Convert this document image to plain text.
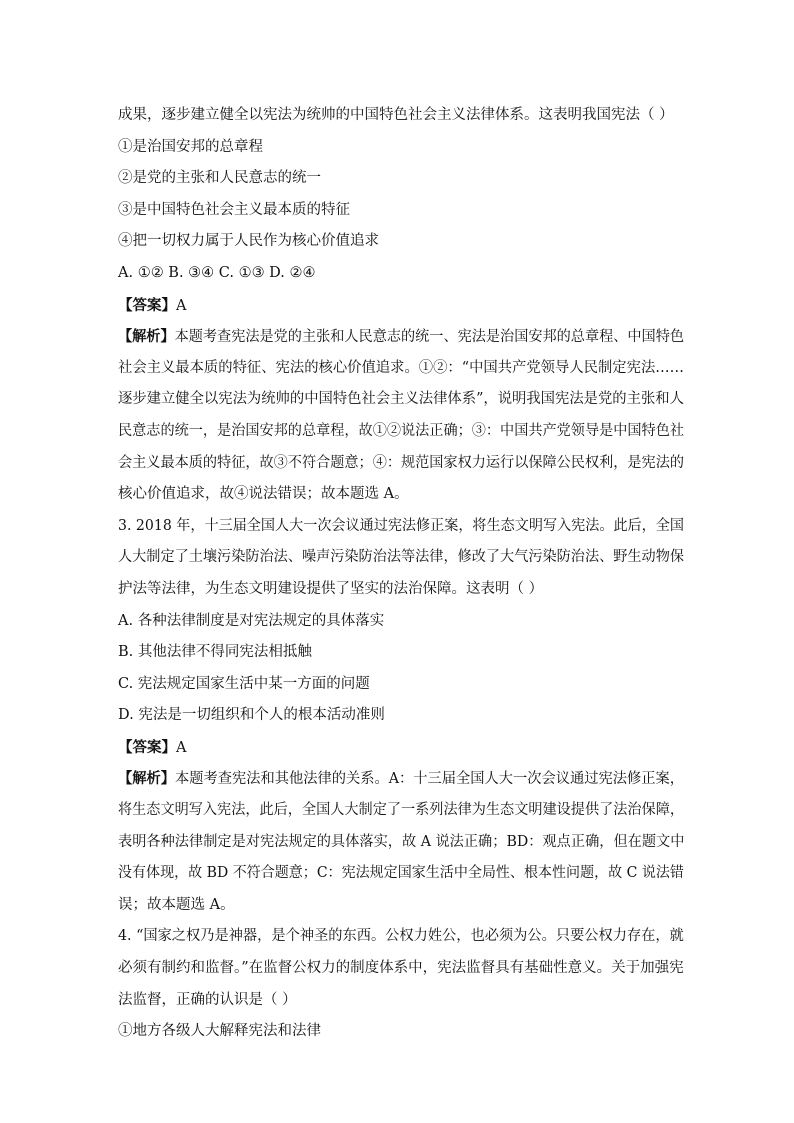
成果，逐步建立健全以宪法为统帅的中国特色社会主义法律体系。这表明我国宪法（ ）
①是治国安邦的总章程
②是党的主张和人民意志的统一
③是中国特色社会主义最本质的特征
④把一切权力属于人民作为核心价值追求
A. ①② B. ③④ C. ①③ D. ②④
【答案】A
【解析】本题考查宪法是党的主张和人民意志的统一、宪法是治国安邦的总章程、中国特色
社会主义最本质的特征、宪法的核心价值追求。①②：“中国共产党领导人民制定宪法……
逐步建立健全以宪法为统帅的中国特色社会主义法律体系”，说明我国宪法是党的主张和人
民意志的统一，是治国安邦的总章程，故①②说法正确；③：中国共产党领导是中国特色社
会主义最本质的特征，故③不符合题意；④：规范国家权力运行以保障公民权利，是宪法的
核心价值追求，故④说法错误；故本题选 A。
3. 2018 年，十三届全国人大一次会议通过宪法修正案，将生态文明写入宪法。此后，全国
人大制定了土壤污染防治法、噪声污染防治法等法律，修改了大气污染防治法、野生动物保
护法等法律，为生态文明建设提供了坚实的法治保障。这表明（ ）
A. 各种法律制度是对宪法规定的具体落实
B. 其他法律不得同宪法相抵触
C. 宪法规定国家生活中某一方面的问题
D. 宪法是一切组织和个人的根本活动准则
【答案】A
【解析】本题考查宪法和其他法律的关系。A：十三届全国人大一次会议通过宪法修正案，
将生态文明写入宪法，此后，全国人大制定了一系列法律为生态文明建设提供了法治保障，
表明各种法律制定是对宪法规定的具体落实，故 A 说法正确；BD：观点正确，但在题文中
没有体现，故 BD 不符合题意；C：宪法规定国家生活中全局性、根本性问题，故 C 说法错
误；故本题选 A。
4. “国家之权乃是神器，是个神圣的东西。公权力姓公，也必须为公。只要公权力存在，就
必须有制约和监督。”在监督公权力的制度体系中，宪法监督具有基础性意义。关于加强宪
法监督，正确的认识是（ ）
①地方各级人大解释宪法和法律
